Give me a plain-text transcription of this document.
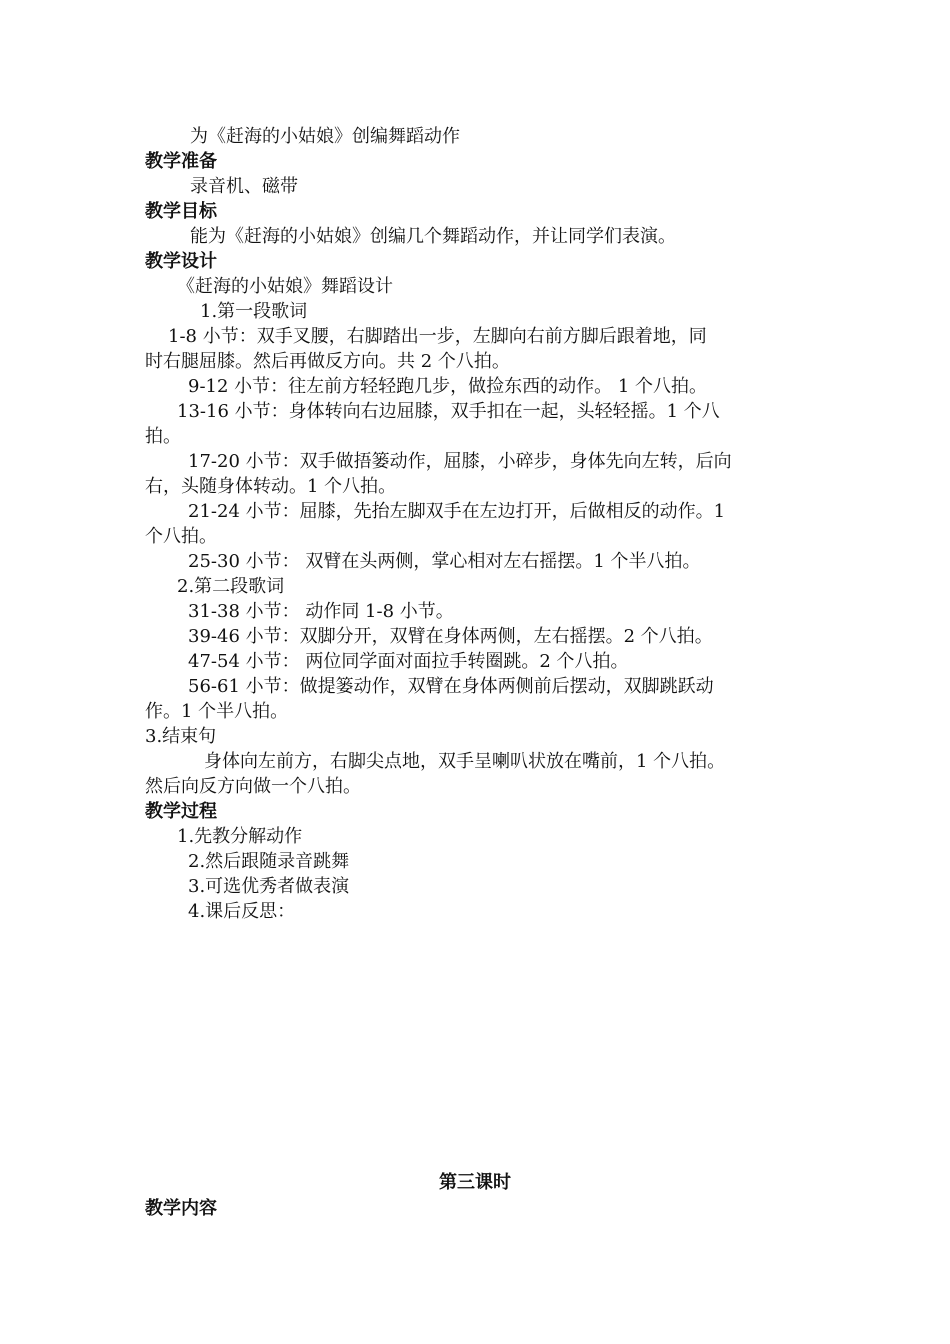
为《赶海的小姑娘》创编舞蹈动作
教学准备
录音机、磁带
教学目标
能为《赶海的小姑娘》创编几个舞蹈动作，并让同学们表演。
教学设计
《赶海的小姑娘》舞蹈设计
1.第一段歌词
1-8 小节：双手叉腰，右脚踏出一步，左脚向右前方脚后跟着地，同
时右腿屈膝。然后再做反方向。共 2 个八拍。
9-12 小节：往左前方轻轻跑几步，做捡东西的动作。 1 个八拍。
13-16 小节：身体转向右边屈膝，双手扣在一起，头轻轻摇。1 个八
拍。
17-20 小节：双手做捂篓动作，屈膝，小碎步，身体先向左转，后向
右，头随身体转动。1 个八拍。
21-24 小节：屈膝，先抬左脚双手在左边打开，后做相反的动作。1
个八拍。
25-30 小节： 双臂在头两侧，掌心相对左右摇摆。1 个半八拍。
2.第二段歌词
31-38 小节： 动作同 1-8 小节。
39-46 小节：双脚分开，双臂在身体两侧，左右摇摆。2 个八拍。
47-54 小节： 两位同学面对面拉手转圈跳。2 个八拍。
56-61 小节：做提篓动作，双臂在身体两侧前后摆动，双脚跳跃动
作。1 个半八拍。
3.结束句
身体向左前方，右脚尖点地，双手呈喇叭状放在嘴前，1 个八拍。
然后向反方向做一个八拍。
教学过程
1.先教分解动作
2.然后跟随录音跳舞
3.可选优秀者做表演
4.课后反思：
第三课时
教学内容
